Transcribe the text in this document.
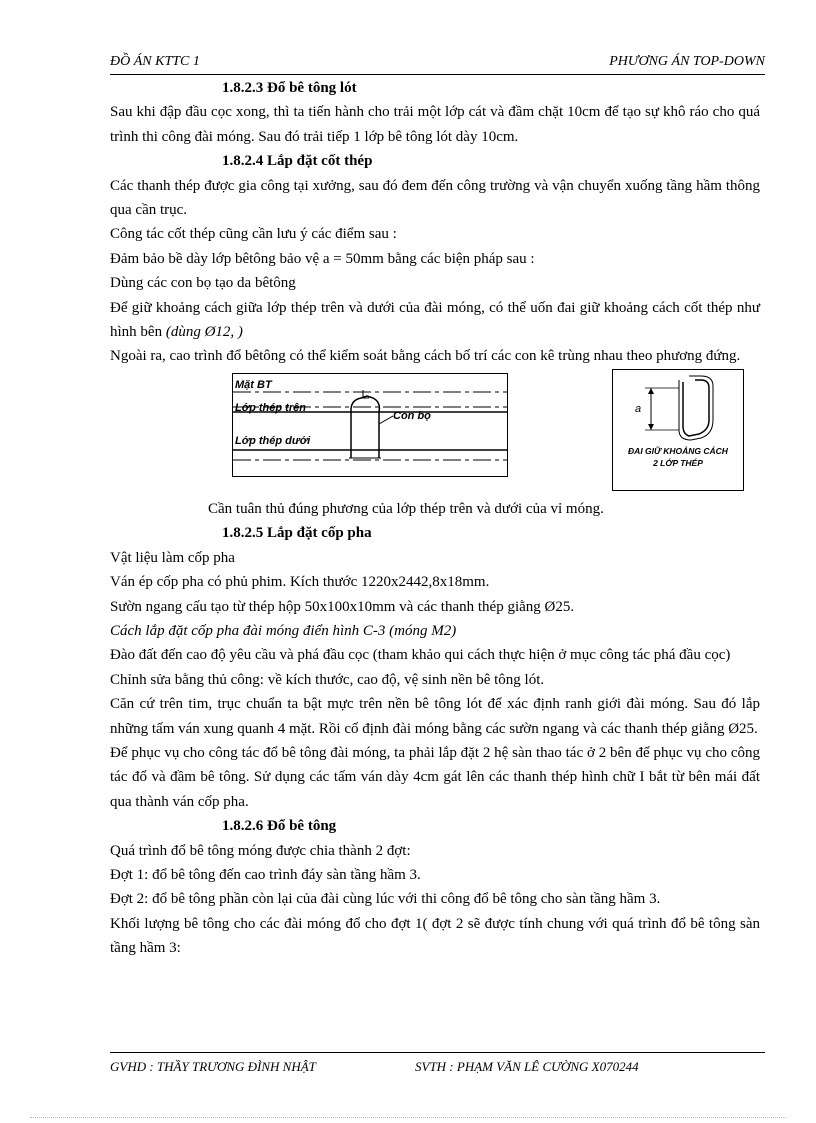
ĐỒ ÁN KTTC 1	PHƯƠNG ÁN TOP-DOWN

1.8.2.3 Đổ bê tông lót

Sau khi đập đầu cọc xong, thì ta tiến hành cho trải một lớp cát và đầm chặt 10cm để tạo sự khô ráo cho quá trình thi công đài móng. Sau đó trải tiếp 1 lớp bê tông lót dày 10cm.

1.8.2.4 Lắp đặt cốt thép

Các thanh thép được gia công tại xưởng, sau đó đem đến công trường và vận chuyển xuống tầng hầm thông qua cần trục.

Công tác cốt thép cũng cần lưu ý các điểm sau :

Đảm bảo bề dày lớp bêtông bảo vệ a = 50mm bằng các biện pháp sau :

Dùng các con bọ tạo da bêtông

Để giữ khoảng cách giữa lớp thép trên và dưới của đài móng, có thể uốn đai giữ khoảng cách cốt thép như hình bên (dùng Ø12, )

Ngoài ra, cao trình đổ bêtông có thể kiểm soát bằng cách bố trí các con kê trùng nhau theo phương đứng.

Mặt BT
Lớp thép trên
Lớp thép dưới
Con bọ
a
ĐAI GIỮ KHOẢNG CÁCH
2 LỚP THÉP

Cần tuân thủ đúng phương của lớp thép trên và dưới của vỉ móng.

1.8.2.5 Lắp đặt cốp pha

Vật liệu làm cốp pha

Ván ép cốp pha có phủ phim. Kích thước 1220x2442,8x18mm.

Sườn ngang cấu tạo từ thép hộp 50x100x10mm và các thanh thép giằng Ø25.

Cách lắp đặt cốp pha đài móng điển hình C-3 (móng M2)

Đào đất đến cao độ yêu cầu và phá đầu cọc (tham khảo qui cách thực hiện ở mục công tác phá đầu cọc)

Chỉnh sửa bằng thủ công: về kích thước, cao độ, vệ sinh nền bê tông lót.

Căn cứ trên tim, trục chuẩn ta bật mực trên nền bê tông lót để xác định ranh giới đài móng. Sau đó lắp những tấm ván xung quanh 4 mặt. Rồi cố định đài móng bằng các sườn ngang và các thanh thép giằng Ø25.

Để phục vụ cho công tác đổ bê tông đài móng, ta phải lắp đặt 2 hệ sàn thao tác ở 2 bên để phục vụ cho công tác đổ và đầm bê tông. Sử dụng các tấm ván dày 4cm gát lên các thanh thép hình chữ I bắt từ bên mái đất qua thành ván cốp pha.

1.8.2.6 Đổ bê tông

Quá trình đổ bê tông móng được chia thành 2 đợt:

Đợt 1: đổ bê tông đến cao trình đáy sàn tầng hầm 3.

Đợt 2: đổ bê tông phần còn lại của đài cùng lúc với thi công đổ bê tông cho sàn tầng hầm 3.

Khối lượng bê tông cho các đài móng đổ cho đợt 1( đợt 2 sẽ được tính chung với quá trình đổ bê tông sàn tầng hầm 3:

GVHD : THẦY TRƯƠNG ĐÌNH NHẬT	SVTH : PHẠM VĂN LÊ CƯỜNG X070244
